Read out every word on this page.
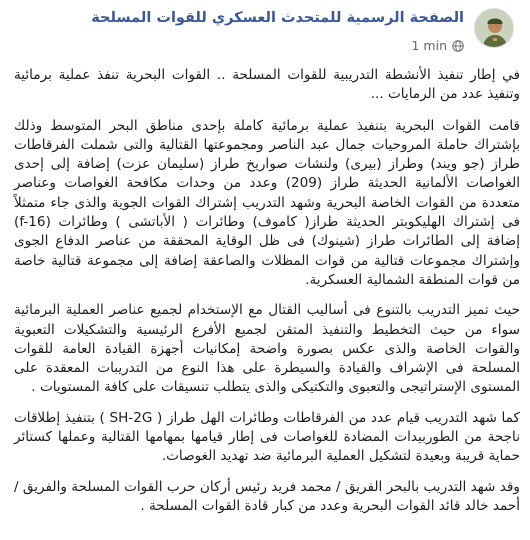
الصفحة الرسمية للمتحدث العسكري للقوات المسلحة
1 min

في إطار تنفيذ الأنشطة التدريبية للقوات المسلحة .. القوات البحرية تنفذ عملية برمائية وتنفيذ عدد من الرمايات ...

قامت القوات البحرية بتنفيذ عملية برمائية كاملة بإحدى مناطق البحر المتوسط وذلك بإشتراك حاملة المروحيات جمال عبد الناصر ومجموعتها القتالية والتى شملت الفرقاطات طراز (جو ويند) وطراز (بيرى) ولنشات صواريخ طراز (سليمان عزت) إضافة إلى إحدى الغواصات الألمانية الحديثة طراز (209) وعدد من وحدات مكافحة الغواصات وعناصر متعددة من القوات الخاصة البحرية وشهد التدريب إشتراك القوات الجوية والذى جاء متمثلاً فى إشتراك الهليكوبتر الحديثة طراز( كاموف) وطائرات ( الأباتشى ) وطائرات (f-16) إضافة إلى الطائرات طراز (شينوك) فى ظل الوقاية المحققة من عناصر الدفاع الجوى وإشتراك مجموعات قتالية من قوات المظلات والصاعقة إضافة إلى مجموعة قتالية خاصة من قوات المنطقة الشمالية العسكرية.

حيث تميز التدريب بالتنوع فى أساليب القتال مع الإستخدام لجميع عناصر العملية البرمائية سواء من حيث التخطيط والتنفيذ المتقن لجميع الأفرع الرئيسية والتشكيلات التعبوية والقوات الخاصة والذى عكس بصورة واضحة إمكانيات أجهزة القيادة العامة للقوات المسلحة فى الإشراف والقيادة والسيطرة على هذا النوع من التدريبات المعقدة على المستوى الإستراتيجى والتعبوى والتكتيكى والذى يتطلب تنسيقات على كافة المستويات .

كما شهد التدريب قيام عدد من الفرقاطات وطائرات الهل طراز ( SH-2G ) بتنفيذ إطلاقات ناجحة من الطوربيدات المضادة للغواصات فى إطار قيامها بمهامها القتالية وعملها كستائر حماية قريبة وبعيدة لتشكيل العملية البرمائية ضد تهديد الغوصات.

وقد شهد التدريب بالبحر الفريق / محمد فريد رئيس أركان حرب القوات المسلحة والفريق / أحمد خالد قائد القوات البحرية وعدد من كبار قادة القوات المسلحة .
